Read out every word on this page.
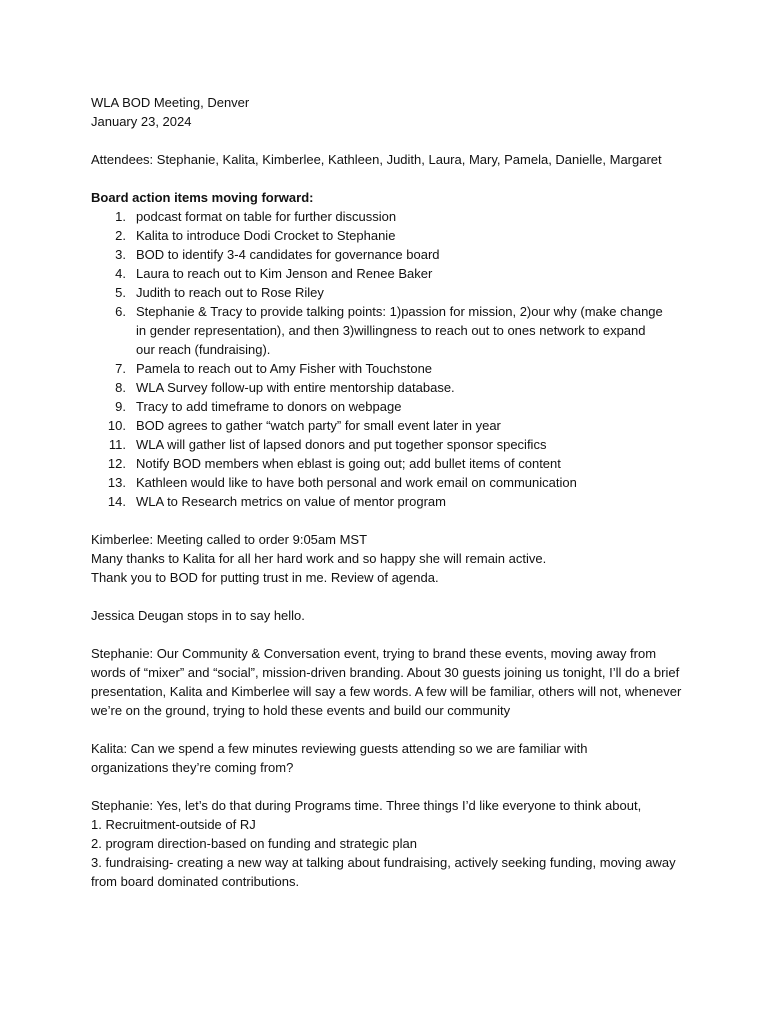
WLA BOD Meeting, Denver
January 23, 2024
Attendees: Stephanie, Kalita, Kimberlee, Kathleen, Judith, Laura, Mary, Pamela, Danielle, Margaret
Board action items moving forward:
1. podcast format on table for further discussion
2. Kalita to introduce Dodi Crocket to Stephanie
3. BOD to identify 3-4 candidates for governance board
4. Laura to reach out to Kim Jenson and Renee Baker
5. Judith to reach out to Rose Riley
6. Stephanie & Tracy to provide talking points: 1)passion for mission, 2)our why (make change in gender representation), and then 3)willingness to reach out to ones network to expand our reach (fundraising).
7. Pamela to reach out to Amy Fisher with Touchstone
8. WLA Survey follow-up with entire mentorship database.
9. Tracy to add timeframe to donors on webpage
10. BOD agrees to gather “watch party” for small event later in year
11. WLA will gather list of lapsed donors and put together sponsor specifics
12. Notify BOD members when eblast is going out; add bullet items of content
13. Kathleen would like to have both personal and work email on communication
14. WLA to Research metrics on value of mentor program
Kimberlee: Meeting called to order 9:05am MST
Many thanks to Kalita for all her hard work and so happy she will remain active.
Thank you to BOD for putting trust in me. Review of agenda.
Jessica Deugan stops in to say hello.
Stephanie: Our Community & Conversation event, trying to brand these events, moving away from words of “mixer” and “social”, mission-driven branding. About 30 guests joining us tonight, I’ll do a brief presentation, Kalita and Kimberlee will say a few words. A few will be familiar, others will not, whenever we’re on the ground, trying to hold these events and build our community
Kalita: Can we spend a few minutes reviewing guests attending so we are familiar with organizations they’re coming from?
Stephanie: Yes, let’s do that during Programs time. Three things I’d like everyone to think about,
1. Recruitment-outside of RJ
2. program direction-based on funding and strategic plan
3. fundraising- creating a new way at talking about fundraising, actively seeking funding, moving away from board dominated contributions.
